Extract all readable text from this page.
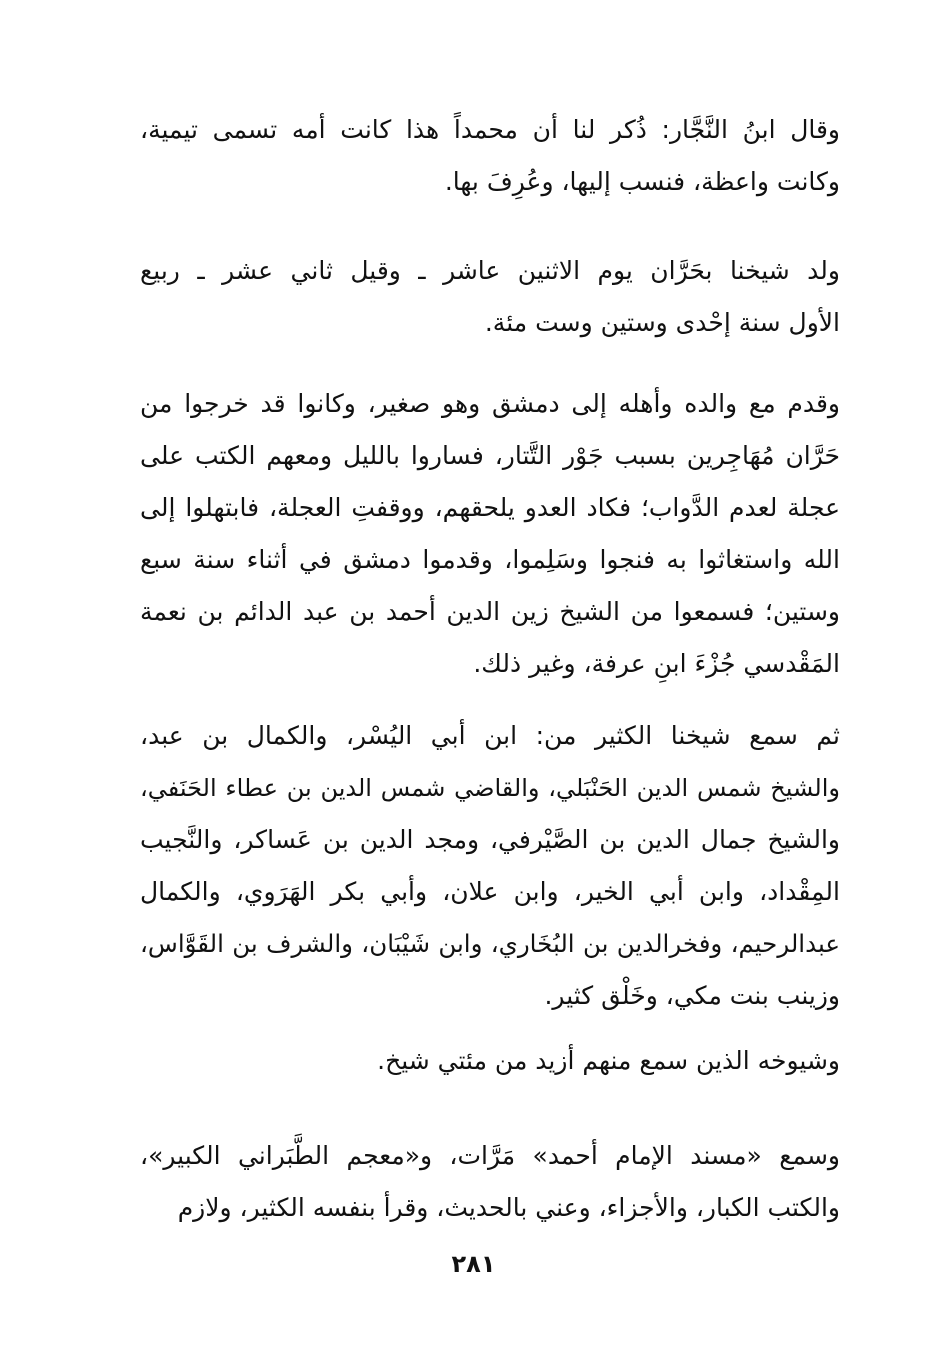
وقال ابنُ النَّجَّار: ذُكر لنا أن محمداً هذا كانت أمه تسمى تيمية،
وكانت واعظة، فنسب إليها، وعُرِفَ بها.
ولد شيخنا بحَرَّان يوم الاثنين عاشر ـ وقيل ثاني عشر ـ ربيع
الأول سنة إحْدى وستين وست مئة.
وقدم مع والده وأهله إلى دمشق وهو صغير، وكانوا قد خرجوا من
حَرَّان مُهَاجِرين بسبب جَوْر التَّتار، فساروا بالليل ومعهم الكتب على
عجلة لعدم الدَّواب؛ فكاد العدو يلحقهم، ووقفتِ العجلة، فابتهلوا إلى
الله واستغاثوا به فنجوا وسَلِموا، وقدموا دمشق في أثناء سنة سبع
وستين؛ فسمعوا من الشيخ زين الدين أحمد بن عبد الدائم بن نعمة
المَقْدسي جُزْءَ ابنِ عرفة، وغير ذلك.
ثم سمع شيخنا الكثير من: ابن أبي اليُسْر، والكمال بن عبد،
والشيخ شمس الدين الحَنْبَلي، والقاضي شمس الدين بن عطاء الحَنَفي،
والشيخ جمال الدين بن الصَّيْرفي، ومجد الدين بن عَساكر، والنَّجيب
المِقْداد، وابن أبي الخير، وابن علان، وأبي بكر الهَرَوي، والكمال
عبدالرحيم، وفخرالدين بن البُخَاري، وابن شَيْبَان، والشرف بن القَوَّاس،
وزينب بنت مكي، وخَلْق كثير.
وشيوخه الذين سمع منهم أزيد من مئتي شيخ.
وسمع «مسند الإمام أحمد» مَرَّات، و«معجم الطَّبَراني الكبير»،
والكتب الكبار، والأجزاء، وعني بالحديث، وقرأ بنفسه الكثير، ولازم
٢٨١
